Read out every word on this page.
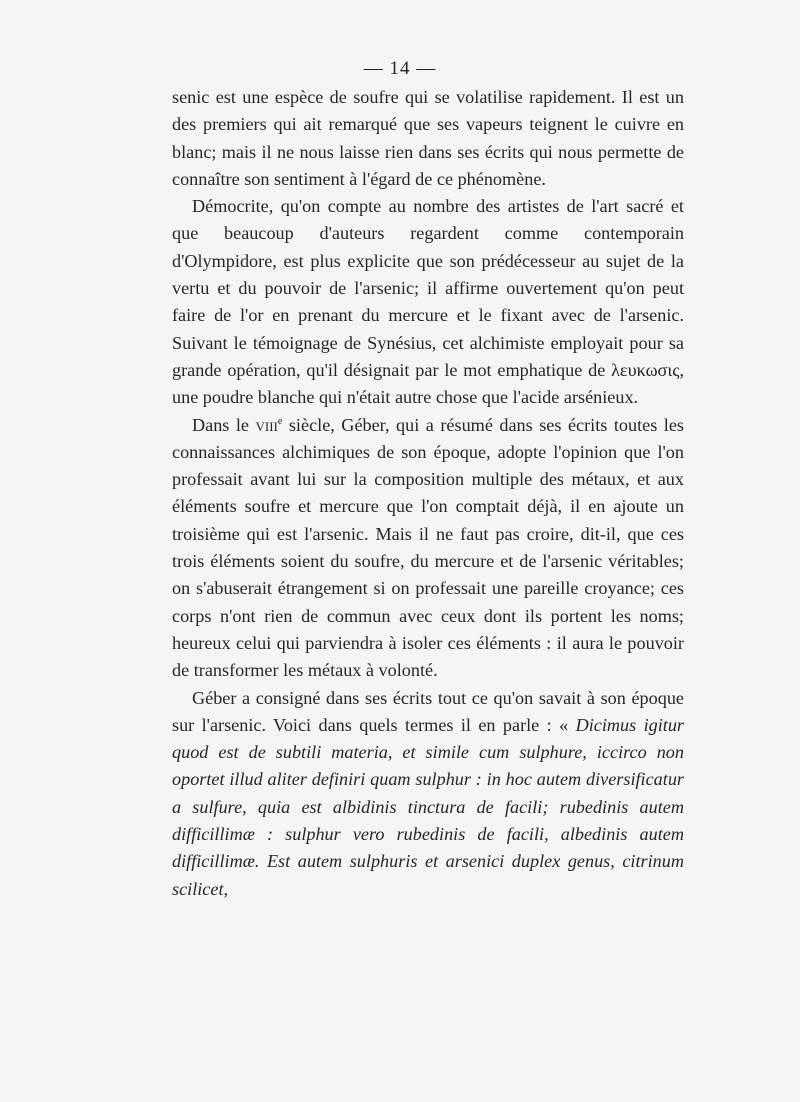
— 14 —

senic est une espèce de soufre qui se volatilise rapidement. Il est un des premiers qui ait remarqué que ses vapeurs teignent le cuivre en blanc; mais il ne nous laisse rien dans ses écrits qui nous permette de connaître son sentiment à l'égard de ce phénomène.

Démocrite, qu'on compte au nombre des artistes de l'art sacré et que beaucoup d'auteurs regardent comme contemporain d'Olympidore, est plus explicite que son prédécesseur au sujet de la vertu et du pouvoir de l'arsenic; il affirme ouvertement qu'on peut faire de l'or en prenant du mercure et le fixant avec de l'arsenic. Suivant le témoignage de Synésius, cet alchimiste employait pour sa grande opération, qu'il désignait par le mot emphatique de λευκωσις, une poudre blanche qui n'était autre chose que l'acide arsénieux.

Dans le viii$^e$ siècle, Géber, qui a résumé dans ses écrits toutes les connaissances alchimiques de son époque, adopte l'opinion que l'on professait avant lui sur la composition multiple des métaux, et aux éléments soufre et mercure que l'on comptait déjà, il en ajoute un troisième qui est l'arsenic. Mais il ne faut pas croire, dit-il, que ces trois éléments soient du soufre, du mercure et de l'arsenic véritables; on s'abuserait étrangement si on professait une pareille croyance; ces corps n'ont rien de commun avec ceux dont ils portent les noms; heureux celui qui parviendra à isoler ces éléments : il aura le pouvoir de transformer les métaux à volonté.

Géber a consigné dans ses écrits tout ce qu'on savait à son époque sur l'arsenic. Voici dans quels termes il en parle : « Dicimus igitur quod est de subtili materia, et simile cum sulphure, iccirco non oportet illud aliter definiri quam sulphur : in hoc autem diversificatur a sulfure, quia est albidinis tinctura de facili; rubedinis autem difficillimæ : sulphur vero rubedinis de facili, albedinis autem difficillimæ. Est autem sulphuris et arsenici duplex genus, citrinum scilicet,
